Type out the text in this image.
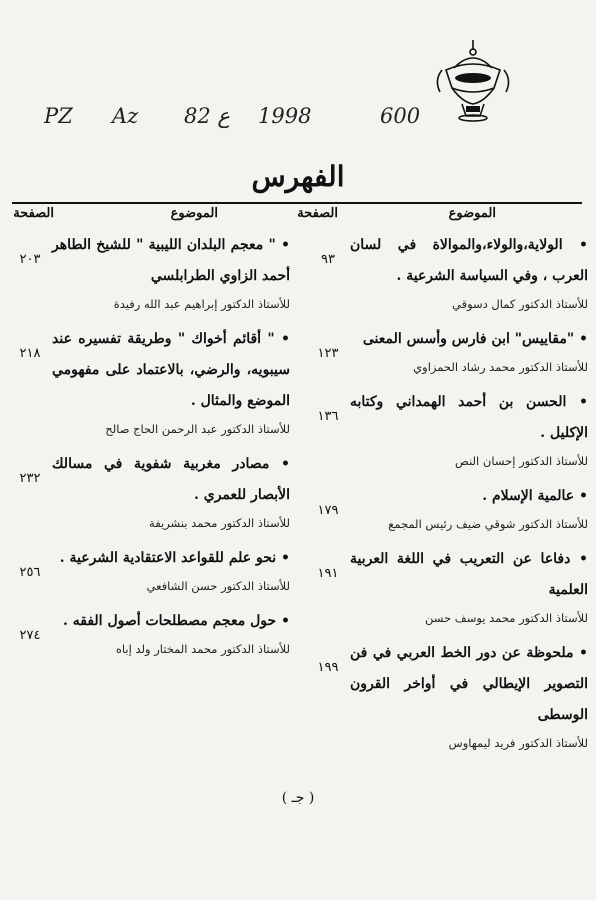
PZ Az 82 ع 1998	600
الفهرس
الموضوع
الصفحة
الموضوع
الصفحة
• الولاية،والولاء،والموالاة في لسان العرب ، وفي السياسة الشرعية .
للأستاذ الدكتور كمال دسوقي
٩٣
• "مقاييس" ابن فارس وأسس المعنى
للأستاذ الدكتور محمد رشاد الحمزاوي
١٢٣
• الحسن بن أحمد الهمداني وكتابه الإكليل .
للأستاذ الدكتور إحسان النص
١٣٦
• عالمية الإسلام .
للأستاذ الدكتور شوقي ضيف رئيس المجمع
١٧٩
• دفاعا عن التعريب في اللغة العربية العلمية
للأستاذ الدكتور محمد يوسف حسن
١٩١
• ملحوظة عن دور الخط العربي في فن التصوير الإيطالي في أواخر القرون الوسطى
للأستاذ الدكتور فريد ليمهاوس
١٩٩
• " معجم البلدان الليبية " للشيخ الطاهر أحمد الزاوي الطرابلسي
للأستاذ الدكتور إبراهيم عبد الله رفيدة
٢٠٣
• " أقائم أخواك " وطريقة تفسيره عند سيبويه، والرضي، بالاعتماد على مفهومي الموضع والمثال .
للأستاذ الدكتور عبد الرحمن الحاج صالح
٢١٨
• مصادر مغربية شفوية في مسالك الأبصار للعمري .
للأستاذ الدكتور محمد بنشريفة
٢٣٢
• نحو علم للقواعد الاعتقادية الشرعية .
للأستاذ الدكتور حسن الشافعي
٢٥٦
• حول معجم مصطلحات أصول الفقه .
للأستاذ الدكتور محمد المختار ولد إباه
٢٧٤
( جـ )
